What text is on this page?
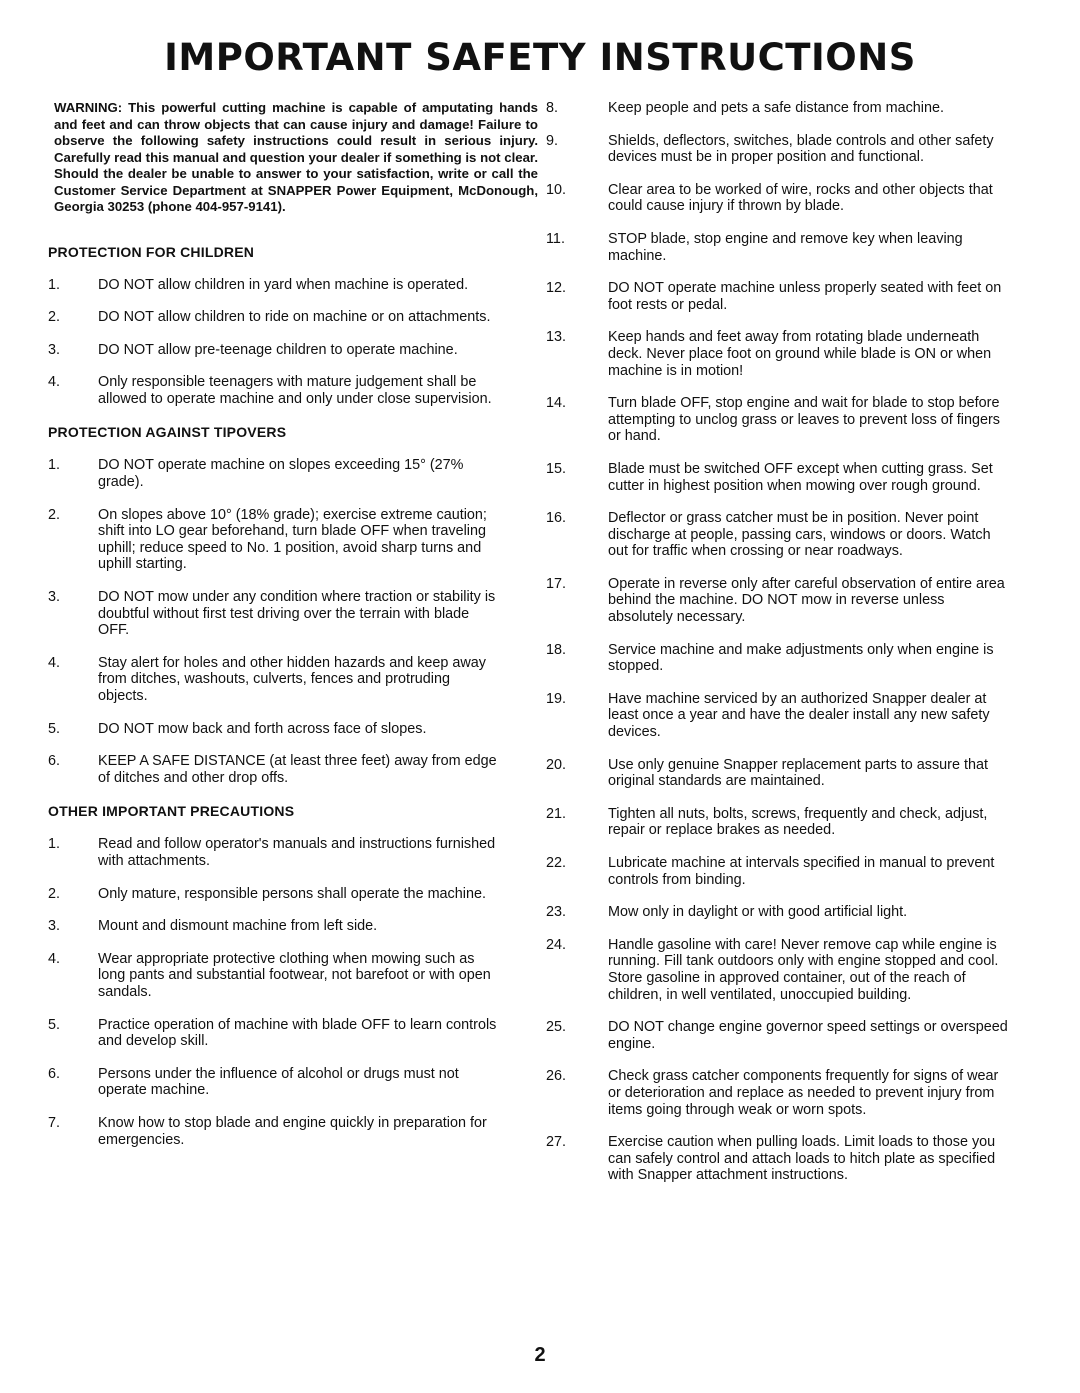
IMPORTANT SAFETY INSTRUCTIONS

WARNING: This powerful cutting machine is capable of amputating hands and feet and can throw objects that can cause injury and damage! Failure to observe the following safety instructions could result in serious injury. Carefully read this manual and question your dealer if something is not clear. Should the dealer be unable to answer to your satisfaction, write or call the Customer Service Department at SNAPPER Power Equipment, McDonough, Georgia 30253 (phone 404-957-9141).

PROTECTION FOR CHILDREN
1.	DO NOT allow children in yard when machine is operated.
2.	DO NOT allow children to ride on machine or on attachments.
3.	DO NOT allow pre-teenage children to operate machine.
4.	Only responsible teenagers with mature judgement shall be allowed to operate machine and only under close supervision.
PROTECTION AGAINST TIPOVERS
1.	DO NOT operate machine on slopes exceeding 15° (27% grade).
2.	On slopes above 10° (18% grade); exercise extreme caution; shift into LO gear beforehand, turn blade OFF when traveling uphill; reduce speed to No. 1 position, avoid sharp turns and uphill starting.
3.	DO NOT mow under any condition where traction or stability is doubtful without first test driving over the terrain with blade OFF.
4.	Stay alert for holes and other hidden hazards and keep away from ditches, washouts, culverts, fences and protruding objects.
5.	DO NOT mow back and forth across face of slopes.
6.	KEEP A SAFE DISTANCE (at least three feet) away from edge of ditches and other drop offs.
OTHER IMPORTANT PRECAUTIONS
1.	Read and follow operator's manuals and instructions furnished with attachments.
2.	Only mature, responsible persons shall operate the machine.
3.	Mount and dismount machine from left side.
4.	Wear appropriate protective clothing when mowing such as long pants and substantial footwear, not barefoot or with open sandals.
5.	Practice operation of machine with blade OFF to learn controls and develop skill.
6.	Persons under the influence of alcohol or drugs must not operate machine.
7.	Know how to stop blade and engine quickly in preparation for emergencies.
8.	Keep people and pets a safe distance from machine.
9.	Shields, deflectors, switches, blade controls and other safety devices must be in proper position and functional.
10.	Clear area to be worked of wire, rocks and other objects that could cause injury if thrown by blade.
11.	STOP blade, stop engine and remove key when leaving machine.
12.	DO NOT operate machine unless properly seated with feet on foot rests or pedal.
13.	Keep hands and feet away from rotating blade underneath deck. Never place foot on ground while blade is ON or when machine is in motion!
14.	Turn blade OFF, stop engine and wait for blade to stop before attempting to unclog grass or leaves to prevent loss of fingers or hand.
15.	Blade must be switched OFF except when cutting grass. Set cutter in highest position when mowing over rough ground.
16.	Deflector or grass catcher must be in position. Never point discharge at people, passing cars, windows or doors. Watch out for traffic when crossing or near roadways.
17.	Operate in reverse only after careful observation of entire area behind the machine. DO NOT mow in reverse unless absolutely necessary.
18.	Service machine and make adjustments only when engine is stopped.
19.	Have machine serviced by an authorized Snapper dealer at least once a year and have the dealer install any new safety devices.
20.	Use only genuine Snapper replacement parts to assure that original standards are maintained.
21.	Tighten all nuts, bolts, screws, frequently and check, adjust, repair or replace brakes as needed.
22.	Lubricate machine at intervals specified in manual to prevent controls from binding.
23.	Mow only in daylight or with good artificial light.
24.	Handle gasoline with care! Never remove cap while engine is running. Fill tank outdoors only with engine stopped and cool. Store gasoline in approved container, out of the reach of children, in well ventilated, unoccupied building.
25.	DO NOT change engine governor speed settings or overspeed engine.
26.	Check grass catcher components frequently for signs of wear or deterioration and replace as needed to prevent injury from items going through weak or worn spots.
27.	Exercise caution when pulling loads. Limit loads to those you can safely control and attach loads to hitch plate as specified with Snapper attachment instructions.
2
